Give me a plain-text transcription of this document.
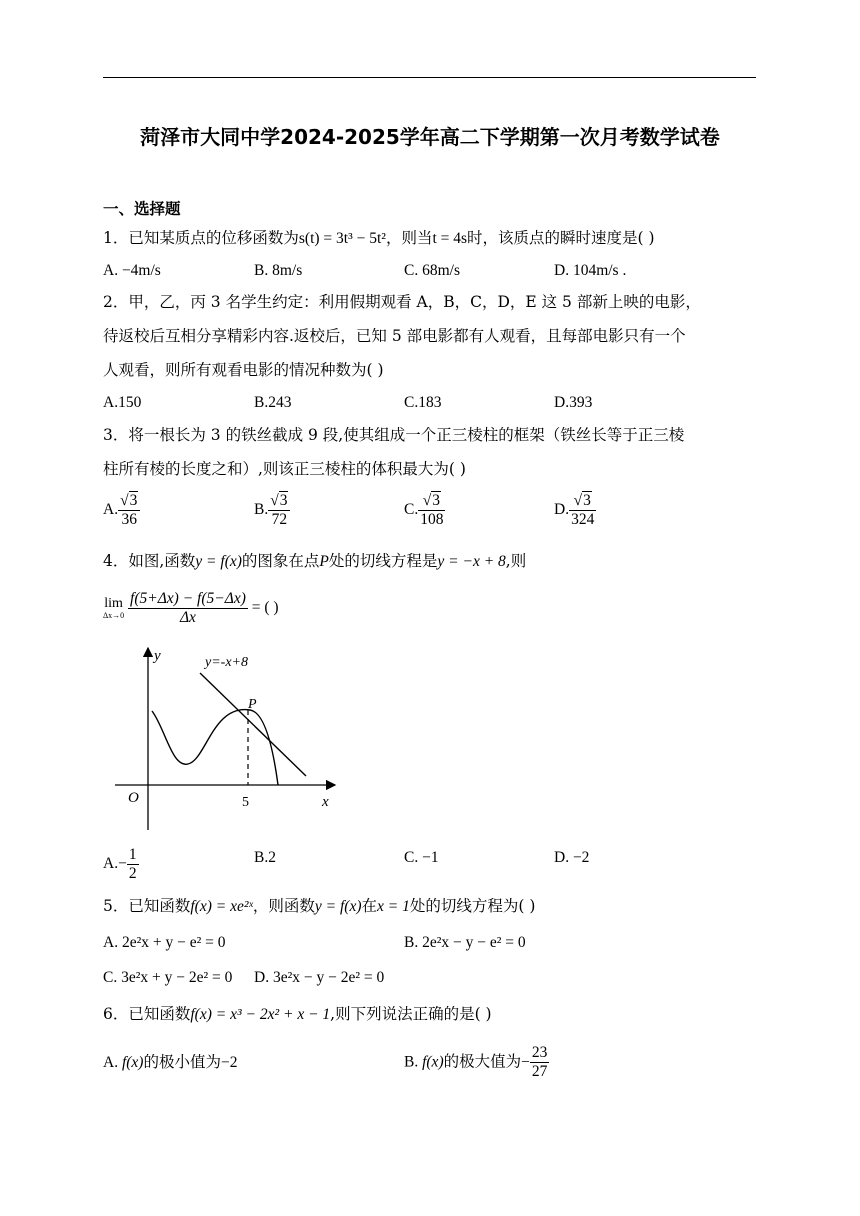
菏泽市大同中学2024-2025学年高二下学期第一次月考数学试卷
一、选择题
1．已知某质点的位移函数为s(t) = 3t³ − 5t²，则当t = 4s时，该质点的瞬时速度是( )
A. −4m/s	B. 8m/s	C. 68m/s	D. 104m/s .
2．甲，乙，丙 3 名学生约定：利用假期观看 A，B，C，D，E 这 5 部新上映的电影，
待返校后互相分享精彩内容.返校后，已知 5 部电影都有人观看，且每部电影只有一个
人观看，则所有观看电影的情况种数为( )
A.150	B.243	C.183	D.393
3．将一根长为 3 的铁丝截成 9 段,使其组成一个正三棱柱的框架（铁丝长等于正三棱
柱所有棱的长度之和）,则该正三棱柱的体积最大为( )
A. $\frac{√3}{36}$	B. $\frac{√3}{72}$	C. $\frac{√3}{108}$	D. $\frac{√3}{324}$
4．如图,函数y = f(x)的图象在点P处的切线方程是y = −x + 8,则
lim
Δx→0
$\frac{f(5+\Delta x) - f(5-\Delta x)}{\Delta x}$ = ( )
y
x
O	5
P
y=-x+8
$A.- \frac{1}{2}$	B.2	C. −1	D. −2
5．已知函数f(x) = xe²ˣ，则函数y = f(x)在x = 1处的切线方程为( )
A. 2e²x + y − e² = 0	B. 2e²x − y − e² = 0
C. 3e²x + y − 2e² = 0 D. 3e²x − y − 2e² = 0
6．已知函数f(x) = x³ − 2x² + x − 1,则下列说法正确的是( )
A. f(x)的极小值为−2	B. f(x)的极大值为− $\frac{23}{27}$
